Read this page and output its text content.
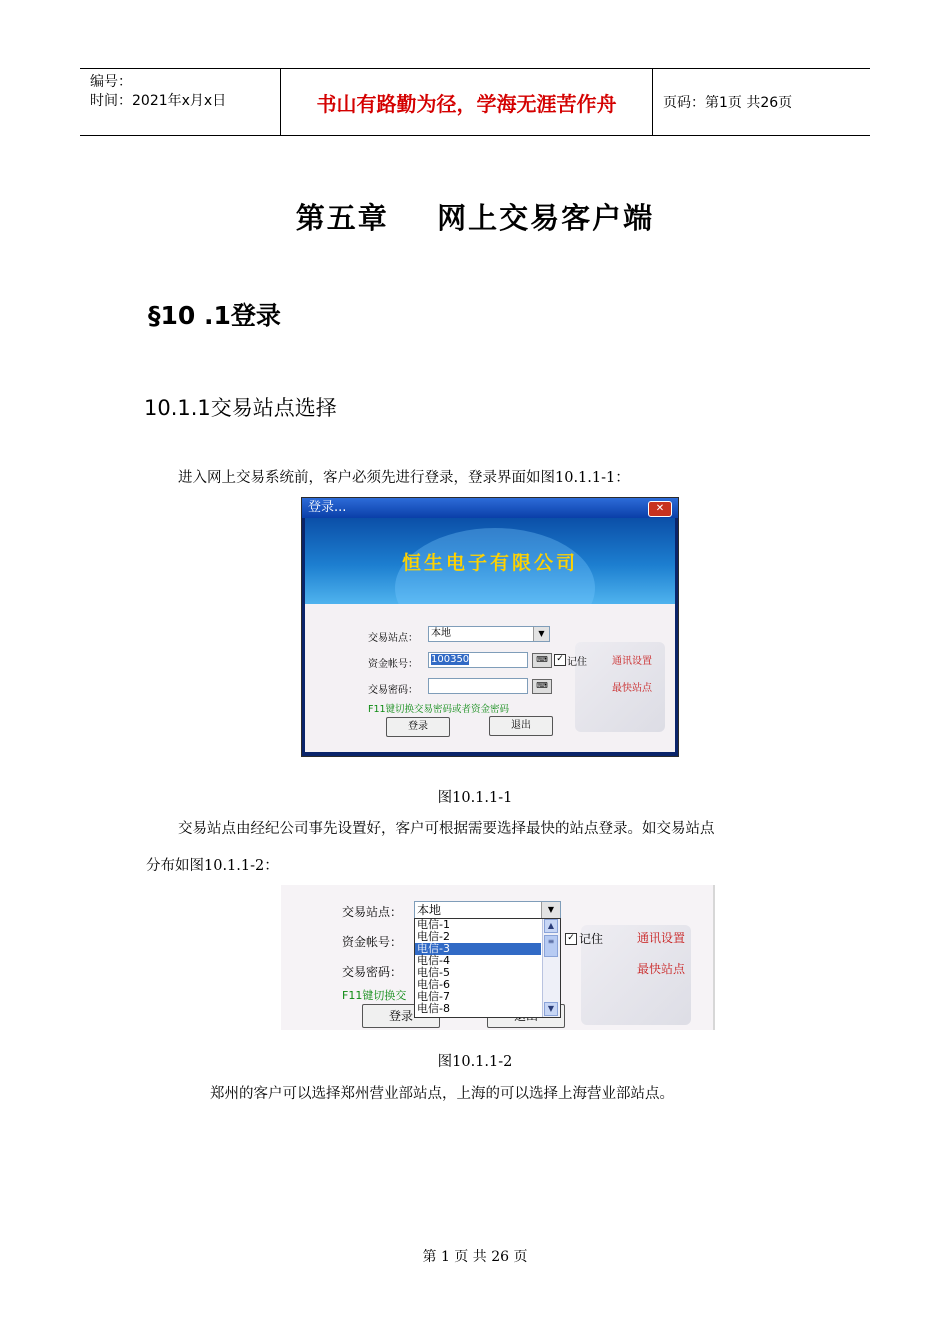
编号：
时间：2021年x月x日	书山有路勤为径，学海无涯苦作舟	页码：第1页 共26页
第五章    网上交易客户端
§10 .1登录
10.1.1交易站点选择
进入网上交易系统前，客户必须先进行登录，登录界面如图10.1.1-1：
登录...	✕
恒生电子有限公司
交易站点：	本地	▼
资金帐号：	100350	⌨ ✓ 记住	通讯设置
交易密码：	⌨	最快站点
F11键切换交易密码或者资金密码
登录	退出
图10.1.1-1
交易站点由经纪公司事先设置好，客户可根据需要选择最快的站点登录。如交易站点
分布如图10.1.1-2：
交易站点： 本地	▼
资金帐号：	✓ 记住	通讯设置
交易密码：	最快站点
F11键切换交
登录
电信-1
电信-2
电信-3
电信-4
电信-5
电信-6
电信-7
电信-8
▲
≡
▼
图10.1.1-2
郑州的客户可以选择郑州营业部站点，上海的可以选择上海营业部站点。
第 1 页 共 26 页
